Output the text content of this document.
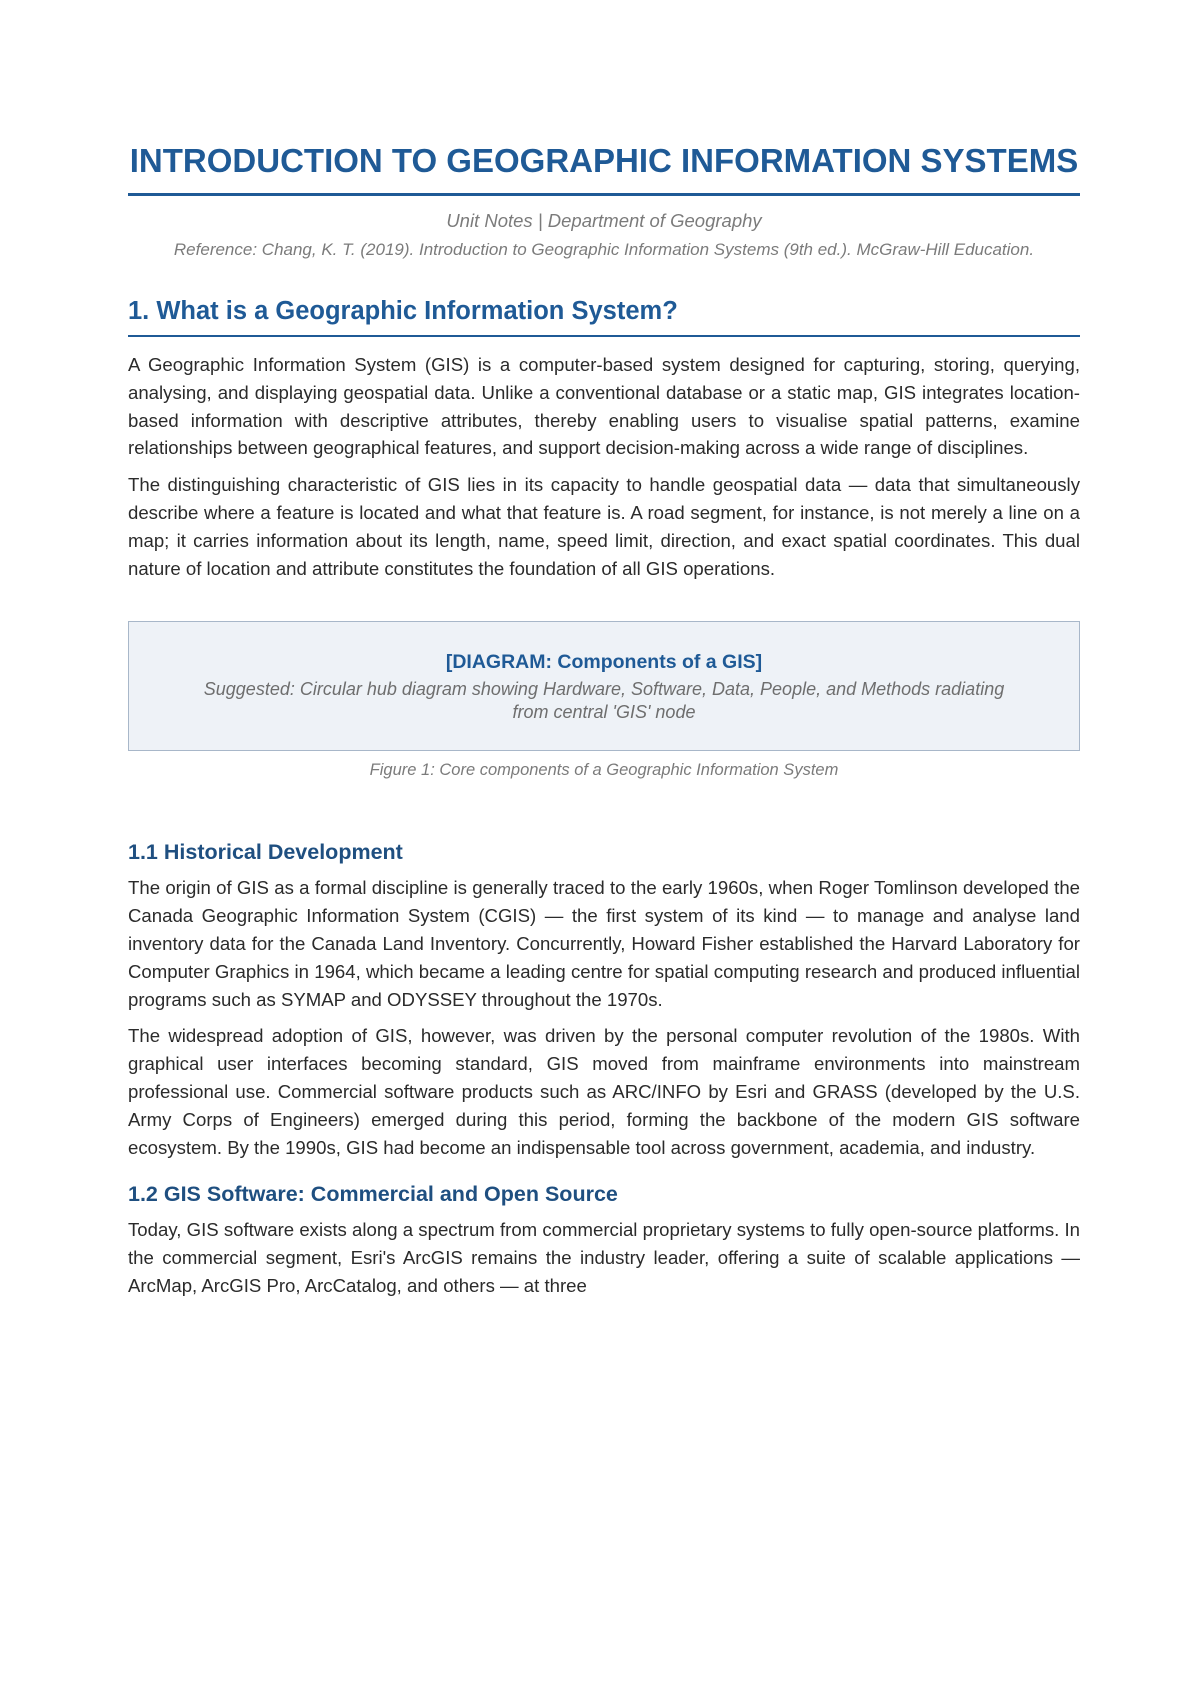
INTRODUCTION TO GEOGRAPHIC INFORMATION SYSTEMS
Unit Notes | Department of Geography
Reference: Chang, K. T. (2019). Introduction to Geographic Information Systems (9th ed.). McGraw-Hill Education.
1. What is a Geographic Information System?

A Geographic Information System (GIS) is a computer-based system designed for capturing, storing, querying, analysing, and displaying geospatial data. Unlike a conventional database or a static map, GIS integrates location-based information with descriptive attributes, thereby enabling users to visualise spatial patterns, examine relationships between geographical features, and support decision-making across a wide range of disciplines.

The distinguishing characteristic of GIS lies in its capacity to handle geospatial data — data that simultaneously describe where a feature is located and what that feature is. A road segment, for instance, is not merely a line on a map; it carries information about its length, name, speed limit, direction, and exact spatial coordinates. This dual nature of location and attribute constitutes the foundation of all GIS operations.

[DIAGRAM: Components of a GIS]
Suggested: Circular hub diagram showing Hardware, Software, Data, People, and Methods radiating from central 'GIS' node
Figure 1: Core components of a Geographic Information System
1.1 Historical Development

The origin of GIS as a formal discipline is generally traced to the early 1960s, when Roger Tomlinson developed the Canada Geographic Information System (CGIS) — the first system of its kind — to manage and analyse land inventory data for the Canada Land Inventory. Concurrently, Howard Fisher established the Harvard Laboratory for Computer Graphics in 1964, which became a leading centre for spatial computing research and produced influential programs such as SYMAP and ODYSSEY throughout the 1970s.

The widespread adoption of GIS, however, was driven by the personal computer revolution of the 1980s. With graphical user interfaces becoming standard, GIS moved from mainframe environments into mainstream professional use. Commercial software products such as ARC/INFO by Esri and GRASS (developed by the U.S. Army Corps of Engineers) emerged during this period, forming the backbone of the modern GIS software ecosystem. By the 1990s, GIS had become an indispensable tool across government, academia, and industry.

1.2 GIS Software: Commercial and Open Source

Today, GIS software exists along a spectrum from commercial proprietary systems to fully open-source platforms. In the commercial segment, Esri's ArcGIS remains the industry leader, offering a suite of scalable applications — ArcMap, ArcGIS Pro, ArcCatalog, and others — at three
